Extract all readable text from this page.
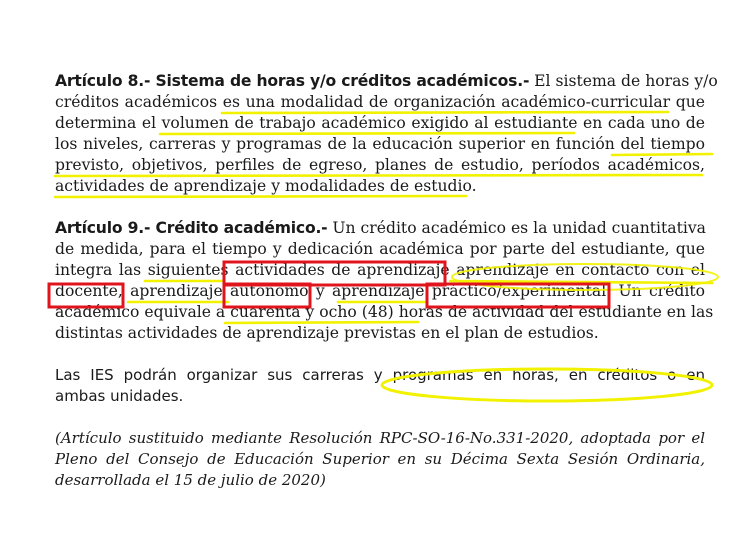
Artículo 8.- Sistema de horas y/o créditos académicos.- El sistema de horas y/o
créditos académicos es una modalidad de organización académico-curricular que
determina el volumen de trabajo académico exigido al estudiante en cada uno de
los niveles, carreras y programas de la educación superior en función del tiempo
previsto, objetivos, perfiles de egreso, planes de estudio, períodos académicos,
actividades de aprendizaje y modalidades de estudio.
Artículo 9.- Crédito académico.- Un crédito académico es la unidad cuantitativa
de medida, para el tiempo y dedicación académica por parte del estudiante, que
integra las siguientes actividades de aprendizaje aprendizaje en contacto con el
docente, aprendizaje autónomo y aprendizaje práctico/experimental. Un crédito
académico equivale a cuarenta y ocho (48) horas de actividad del estudiante en las
distintas actividades de aprendizaje previstas en el plan de estudios.
Las IES podrán organizar sus carreras y programas en horas, en créditos o en
ambas unidades.
(Artículo sustituido mediante Resolución RPC-SO-16-No.331-2020, adoptada por el
Pleno del Consejo de Educación Superior en su Décima Sexta Sesión Ordinaria,
desarrollada el 15 de julio de 2020)
